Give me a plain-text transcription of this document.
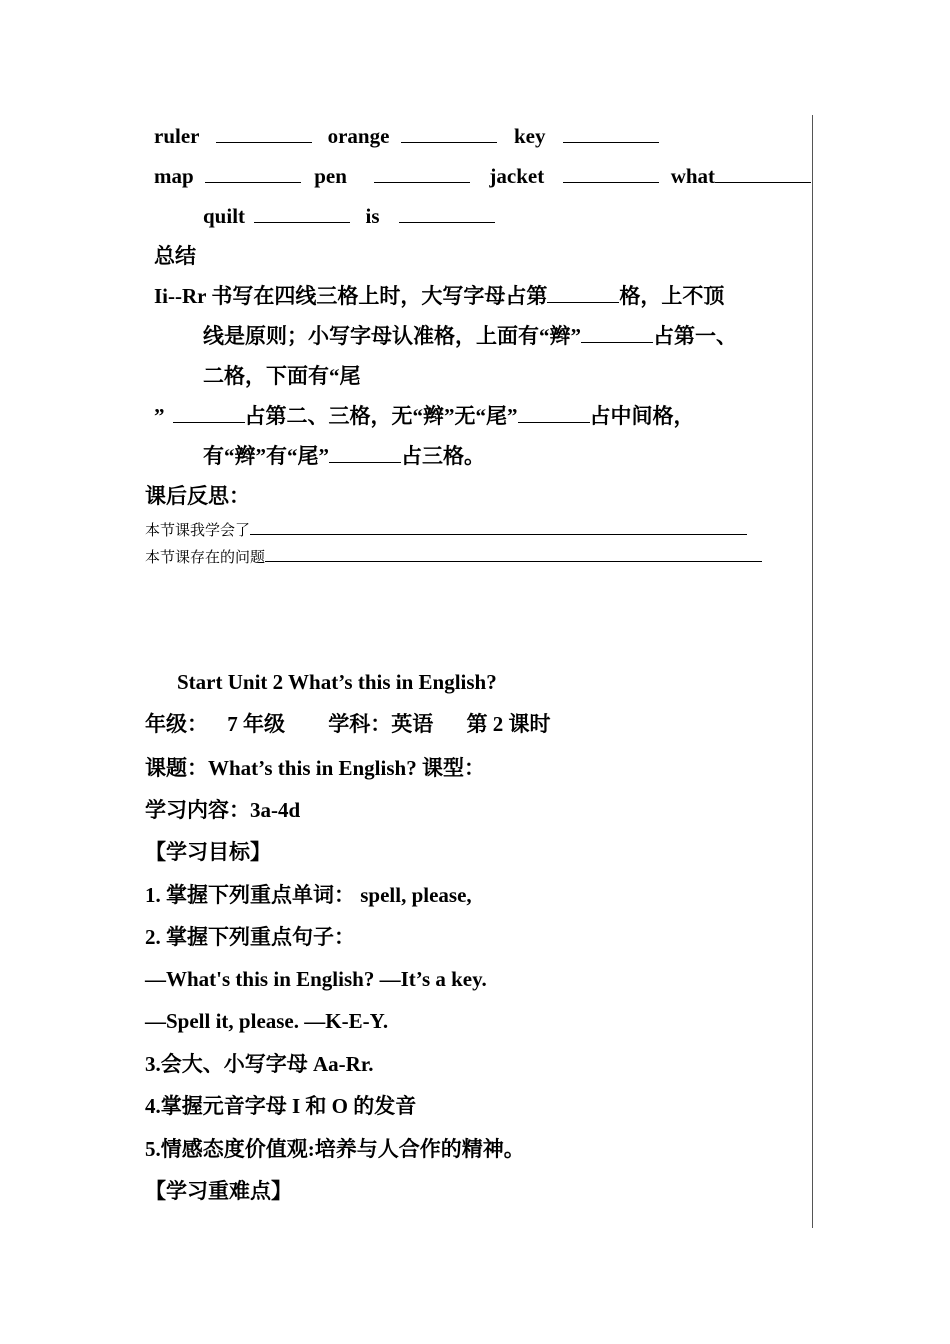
ruler	orange	key
map	pen	jacket	what
quilt	is
总结
Ii--Rr 书写在四线三格上时，大写字母占第	格，上不顶
线是原则；小写字母认准格，上面有“辫”	占第一、
二格，下面有“尾
”	占第二、三格，无“辫”无“尾”	占中间格，
有“辫”有“尾”	占三格。
课后反思：
本节课我学会了
本节课存在的问题
Start Unit 2 What’s this in English?
年级： 7 年级 学科：英语 第 2 课时
课题：What’s this in English? 课型：
学习内容：3a-4d
【学习目标】
1. 掌握下列重点单词： spell, please,
2. 掌握下列重点句子：
—What's this in English? —It’s a key.
—Spell it, please. —K-E-Y.
3.会大、小写字母 Aa-Rr.
4.掌握元音字母 I 和 O 的发音
5.情感态度价值观:培养与人合作的精神。
【学习重难点】
